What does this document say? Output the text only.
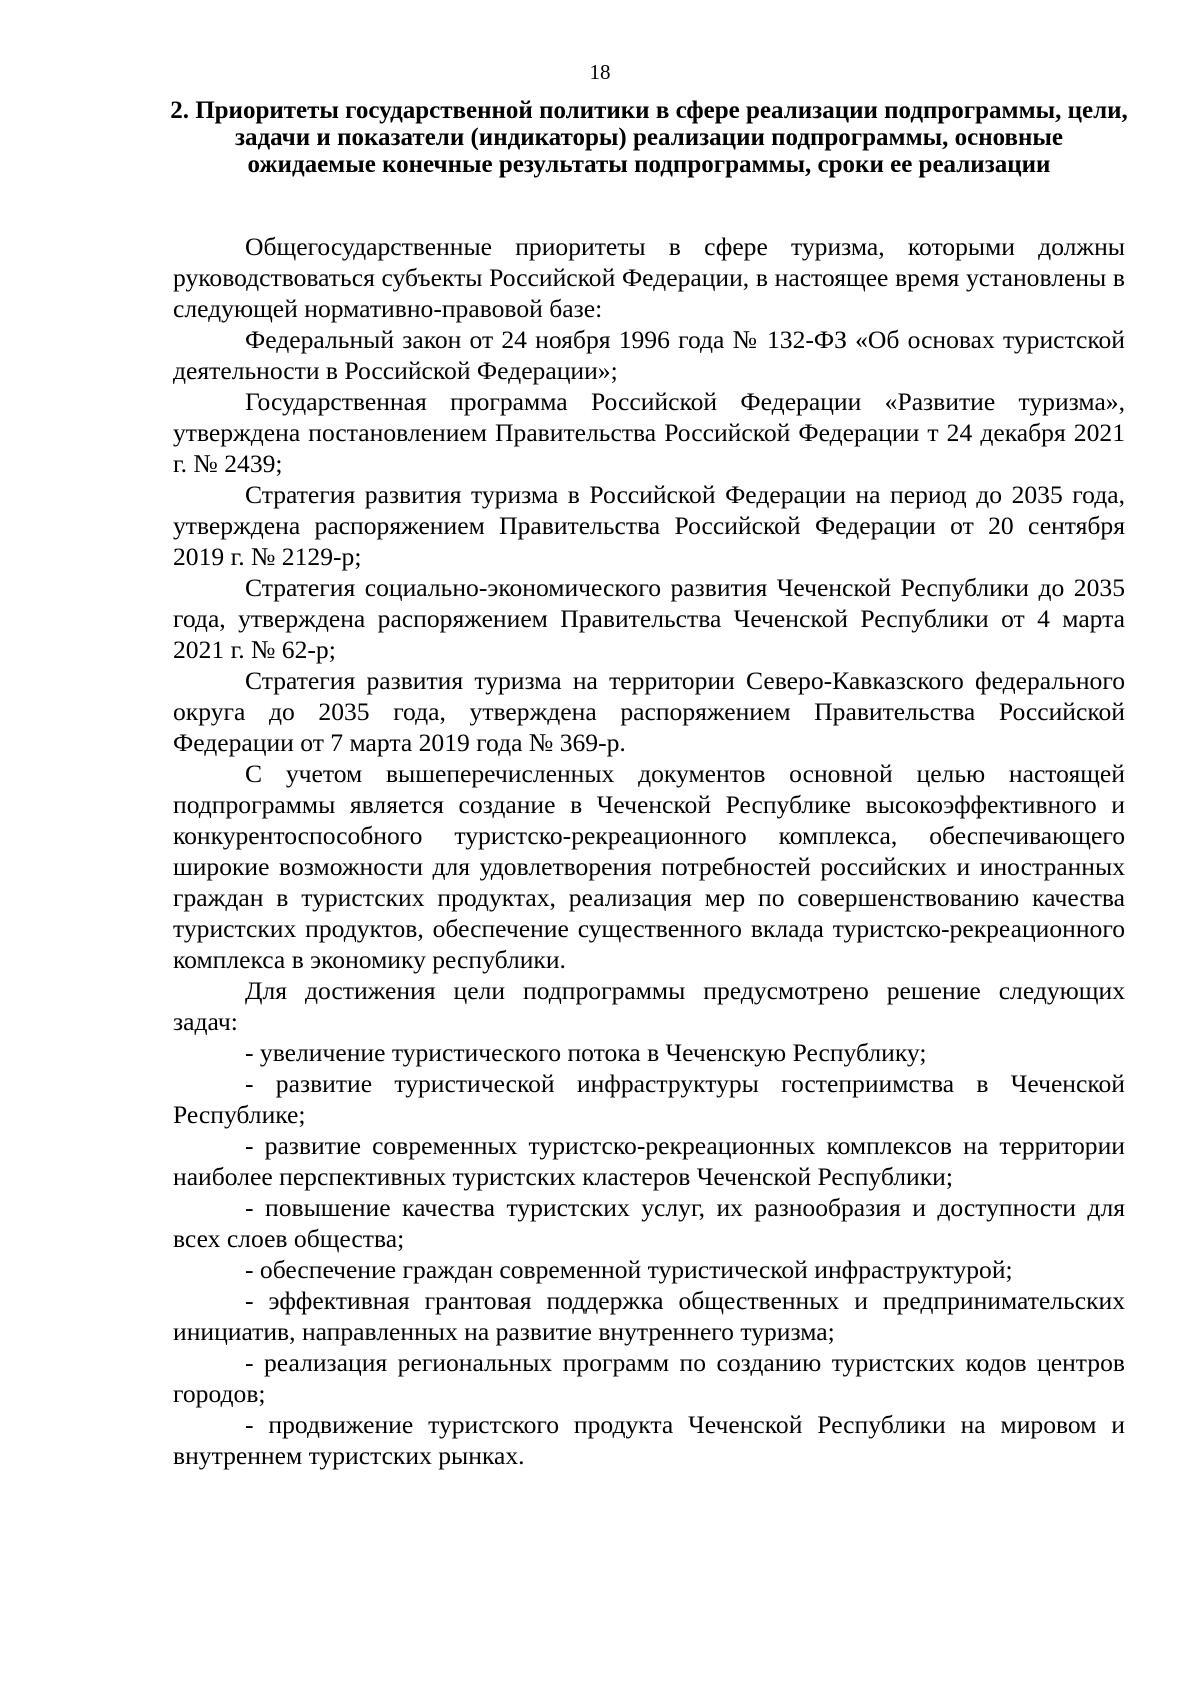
18
2. Приоритеты государственной политики в сфере реализации подпрограммы, цели, задачи и показатели (индикаторы) реализации подпрограммы, основные ожидаемые конечные результаты подпрограммы, сроки ее реализации

Общегосударственные приоритеты в сфере туризма, которыми должны руководствоваться субъекты Российской Федерации, в настоящее время установлены в следующей нормативно-правовой базе:

Федеральный закон от 24 ноября 1996 года № 132-ФЗ «Об основах туристской деятельности в Российской Федерации»;

Государственная программа Российской Федерации «Развитие туризма», утверждена постановлением Правительства Российской Федерации т 24 декабря 2021 г. № 2439;

Стратегия развития туризма в Российской Федерации на период до 2035 года, утверждена распоряжением Правительства Российской Федерации от 20 сентября 2019 г. № 2129-р;

Стратегия социально-экономического развития Чеченской Республики до 2035 года, утверждена распоряжением Правительства Чеченской Республики от 4 марта 2021 г. № 62-р;

Стратегия развития туризма на территории Северо-Кавказского федерального округа до 2035 года, утверждена распоряжением Правительства Российской Федерации от 7 марта 2019 года № 369-р.

С учетом вышеперечисленных документов основной целью настоящей подпрограммы является создание в Чеченской Республике высокоэффективного и конкурентоспособного туристско-рекреационного комплекса, обеспечивающего широкие возможности для удовлетворения потребностей российских и иностранных граждан в туристских продуктах, реализация мер по совершенствованию качества туристских продуктов, обеспечение существенного вклада туристско-рекреационного комплекса в экономику республики.

Для достижения цели подпрограммы предусмотрено решение следующих задач:

- увеличение туристического потока в Чеченскую Республику;

- развитие туристической инфраструктуры гостеприимства в Чеченской Республике;

- развитие современных туристско-рекреационных комплексов на территории наиболее перспективных туристских кластеров Чеченской Республики;

- повышение качества туристских услуг, их разнообразия и доступности для всех слоев общества;

- обеспечение граждан современной туристической инфраструктурой;

- эффективная грантовая поддержка общественных и предпринимательских инициатив, направленных на развитие внутреннего туризма;

- реализация региональных программ по созданию туристских кодов центров городов;

- продвижение туристского продукта Чеченской Республики на мировом и внутреннем туристских рынках.
